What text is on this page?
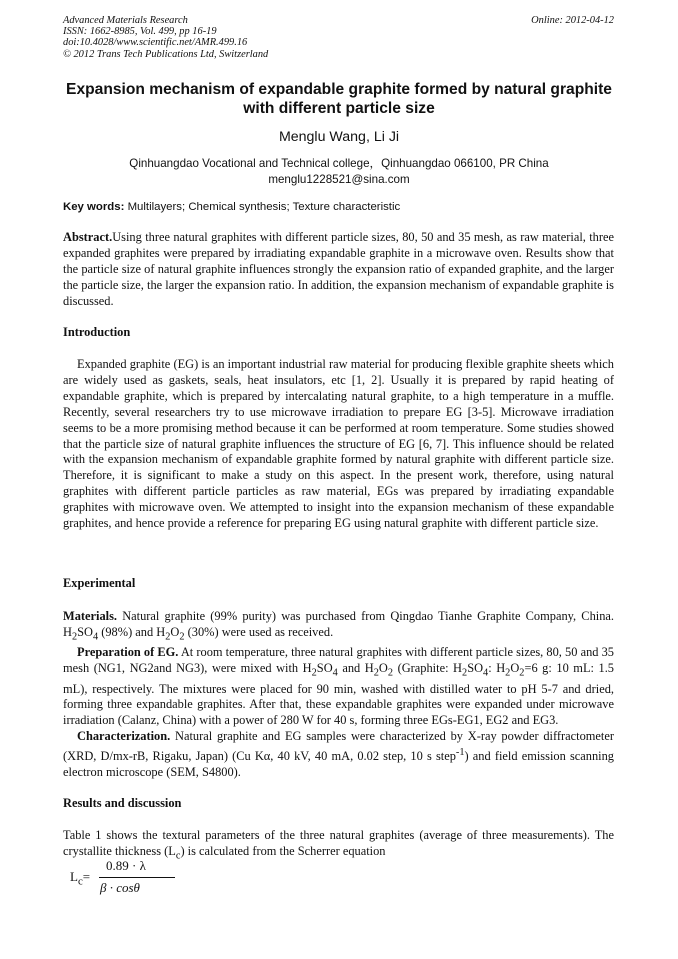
Advanced Materials Research
ISSN: 1662-8985, Vol. 499, pp 16-19
doi:10.4028/www.scientific.net/AMR.499.16
© 2012 Trans Tech Publications Ltd, Switzerland
Online: 2012-04-12
Expansion mechanism of expandable graphite formed by natural graphite with different particle size
Menglu Wang, Li Ji
Qinhuangdao Vocational and Technical college，Qinhuangdao 066100, PR China
menglu1228521@sina.com
Key words: Multilayers; Chemical synthesis; Texture characteristic
Abstract.Using three natural graphites with different particle sizes, 80, 50 and 35 mesh, as raw material, three expanded graphites were prepared by irradiating expandable graphite in a microwave oven. Results show that the particle size of natural graphite influences strongly the expansion ratio of expanded graphite, and the larger the particle size, the larger the expansion ratio. In addition, the expansion mechanism of expandable graphite is discussed.
Introduction
Expanded graphite (EG) is an important industrial raw material for producing flexible graphite sheets which are widely used as gaskets, seals, heat insulators, etc [1, 2]. Usually it is prepared by rapid heating of expandable graphite, which is prepared by intercalating natural graphite, to a high temperature in a muffle. Recently, several researchers try to use microwave irradiation to prepare EG [3-5]. Microwave irradiation seems to be a more promising method because it can be performed at room temperature. Some studies showed that the particle size of natural graphite influences the structure of EG [6, 7]. This influence should be related with the expansion mechanism of expandable graphite formed by natural graphite with different particle size. Therefore, it is significant to make a study on this aspect. In the present work, therefore, using natural graphites with different particle particles as raw material, EGs was prepared by irradiating expandable graphites with microwave oven. We attempted to insight into the expansion mechanism of these expandable graphites, and hence provide a reference for preparing EG using natural graphite with different particle size.
Experimental
Materials. Natural graphite (99% purity) was purchased from Qingdao Tianhe Graphite Company, China. $H_2SO_4$ (98%) and $H_2O_2$ (30%) were used as received.
Preparation of EG. At room temperature, three natural graphites with different particle sizes, 80, 50 and 35 mesh (NG1, NG2and NG3), were mixed with $H_2SO_4$ and $H_2O_2$ (Graphite: $H_2SO_4$: $H_2O_2=6$ g: 10 mL: 1.5 mL), respectively. The mixtures were placed for 90 min, washed with distilled water to pH 5-7 and dried, forming three expandable graphites. After that, these expandable graphites were expanded under microwave irradiation (Calanz, China) with a power of 280 W for 40 s, forming three EGs-EG1, EG2 and EG3.
Characterization. Natural graphite and EG samples were characterized by X-ray powder diffractometer (XRD, D/mx-rB, Rigaku, Japan) (Cu Kα, 40 kV, 40 mA, 0.02 step, 10 s step$^{-1}$) and field emission scanning electron microscope (SEM, S4800).
Results and discussion
Table 1 shows the textural parameters of the three natural graphites (average of three measurements). The crystallite thickness $(L_c)$ is calculated from the Scherrer equation
$L_c=$
0.89 · λ
β · cosθ
